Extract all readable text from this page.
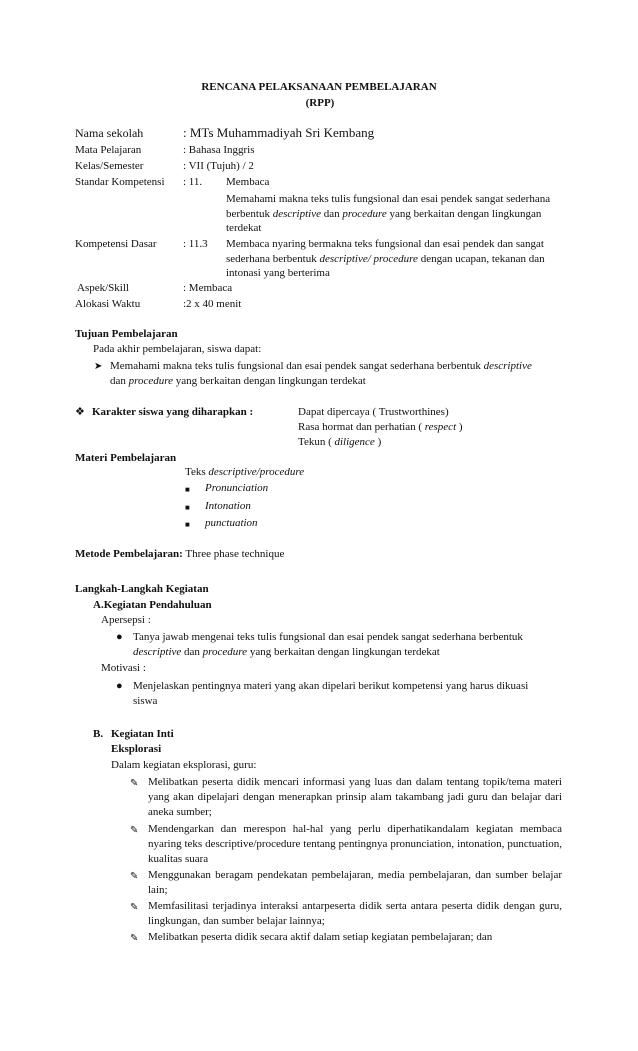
RENCANA PELAKSANAAN PEMBELAJARAN
(RPP)
Nama sekolah	: MTs Muhammadiyah Sri Kembang
Mata Pelajaran	: Bahasa Inggris
Kelas/Semester	: VII (Tujuh) / 2
Standar Kompetensi : 11. Membaca
Memahami makna teks tulis fungsional dan esai pendek sangat sederhana
berbentuk descriptive dan procedure yang berkaitan dengan lingkungan
terdekat
Kompetensi Dasar : 11.3 Membaca nyaring bermakna teks fungsional dan esai pendek dan sangat
sederhana berbentuk descriptive/ procedure dengan ucapan, tekanan dan
intonasi yang berterima
Aspek/Skill	: Membaca
Alokasi Waktu	:2 x 40 menit
Tujuan Pembelajaran
Pada akhir pembelajaran, siswa dapat:
➤ Memahami makna teks tulis fungsional dan esai pendek sangat sederhana berbentuk descriptive
dan procedure yang berkaitan dengan lingkungan terdekat
❖ Karakter siswa yang diharapkan :	Dapat dipercaya ( Trustworthines)
Rasa hormat dan perhatian ( respect )
Tekun ( diligence )
Materi Pembelajaran
Teks descriptive/procedure
■ Pronunciation
■ Intonation
■ punctuation
Metode Pembelajaran: Three phase technique
Langkah-Langkah Kegiatan
A.Kegiatan Pendahuluan
Apersepsi :
● Tanya jawab mengenai teks tulis fungsional dan esai pendek sangat sederhana berbentuk
descriptive dan procedure yang berkaitan dengan lingkungan terdekat
Motivasi :
● Menjelaskan pentingnya materi yang akan dipelari berikut kompetensi yang harus dikuasi
siswa
B. Kegiatan Inti
Eksplorasi
Dalam kegiatan eksplorasi, guru:
✎ Melibatkan peserta didik mencari informasi yang luas dan dalam tentang topik/tema materi yang akan dipelajari dengan menerapkan prinsip alam takambang jadi guru dan belajar dari aneka sumber;
✎ Mendengarkan dan merespon hal-hal yang perlu diperhatikandalam kegiatan membaca nyaring teks descriptive/procedure tentang pentingnya pronunciation, intonation, punctuation, kualitas suara
✎ Menggunakan beragam pendekatan pembelajaran, media pembelajaran, dan sumber belajar lain;
✎ Memfasilitasi terjadinya interaksi antarpeserta didik serta antara peserta didik dengan guru, lingkungan, dan sumber belajar lainnya;
✎ Melibatkan peserta didik secara aktif dalam setiap kegiatan pembelajaran; dan
